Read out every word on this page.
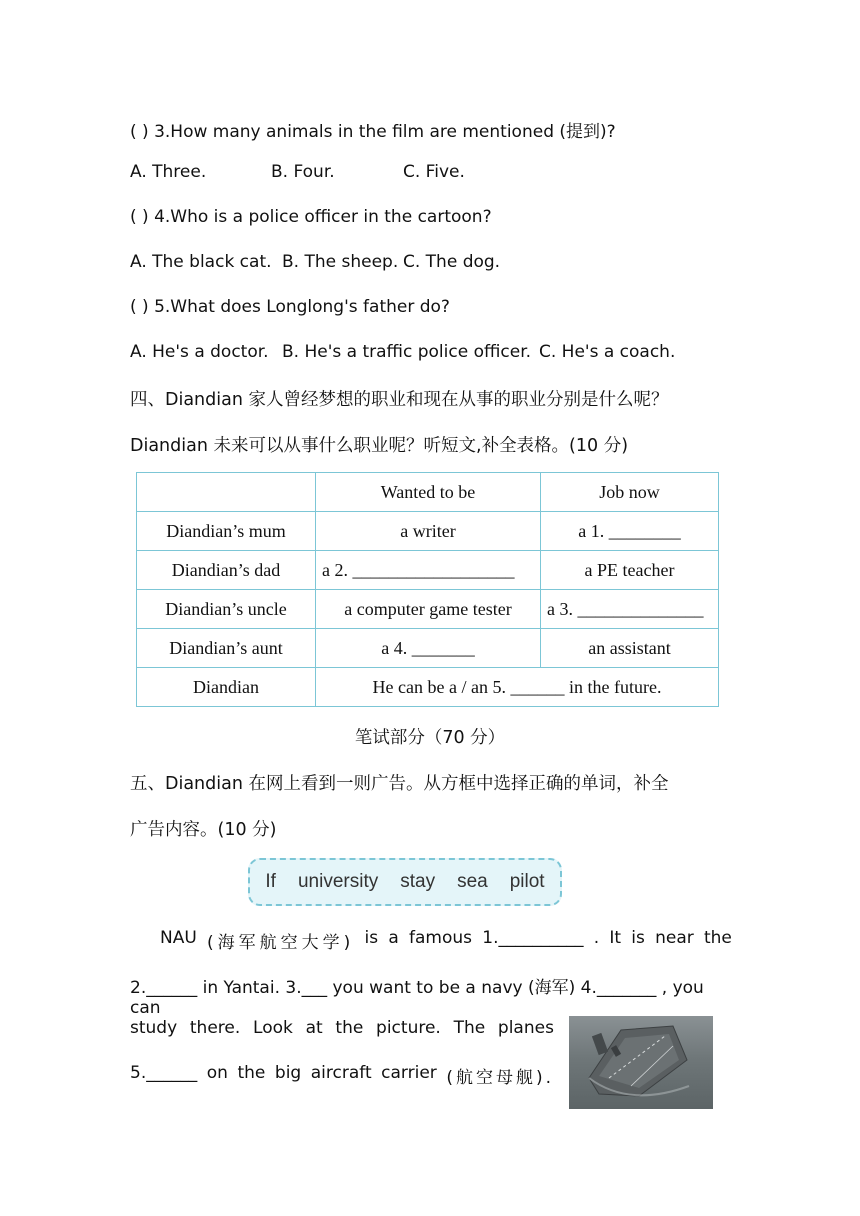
( ) 3.How many animals in the film are mentioned (提到)?
A. Three.	B. Four.	C. Five.
( ) 4.Who is a police officer in the cartoon?
A. The black cat. B. The sheep. C. The dog.
( ) 5.What does Longlong's father do?
A. He's a doctor. B. He's a traffic police officer. C. He's a coach.
四、Diandian 家人曾经梦想的职业和现在从事的职业分别是什么呢？
Diandian 未来可以从事什么职业呢？听短文,补全表格。(10 分)
	Wanted to be	Job now
Diandian’s mum	a writer	a 1. ________
Diandian’s dad	a 2. __________________	a PE teacher
Diandian’s uncle	a computer game tester	a 3. ______________
Diandian’s aunt	a 4. _______	an assistant
Diandian	He can be a / an 5. ______ in the future.	
笔试部分（70 分）
五、Diandian 在网上看到一则广告。从方框中选择正确的单词，补全
广告内容。(10 分)
If university stay sea pilot
NAU (海军航空大学) is a famous 1.__________ . It is near the
2.______ in Yantai. 3.___ you want to be a navy (海军) 4._______ , you can
study there. Look at the picture. The planes
5.______ on the big aircraft carrier (航空母舰).
